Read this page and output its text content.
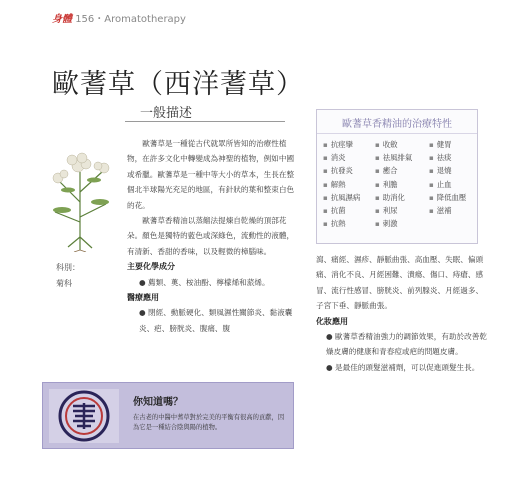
身體 156・Aromatotherapy
歐蓍草（西洋蓍草）
一般描述
科別：
菊科

歐蓍草是一種從古代就眾所皆知的治療性植物，在許多文化中轉變成為神聖的植物，例如中國或希臘。歐蓍草是一種中等大小的草本，生長在整個北半球陽光充足的地區，有針狀的葉和整束白色的花。

歐蓍草香精油以蒸餾法提煉自乾燥的頂部花朵。顏色是獨特的藍色或深綠色，流動性的液體，有清新、香甜的香味，以及輕微的樟腦味。

主要化學成分

● 薦類、薁、桉油酚、檸檬烯和蒎烯。

醫療應用

● 閉經、動脈硬化、類風濕性關節炎、黏液囊炎、疤、膀胱炎、腹痛、腹

歐蓍草香精油的治療特性
▪ 抗痙攣	▪ 收斂	▪ 健胃
▪ 消炎	▪ 祛風排氣	▪ 祛痰
▪ 抗發炎	▪ 癒合	▪ 退燒
▪ 解熱	▪ 利膽	▪ 止血
▪ 抗風濕病	▪ 助消化	▪ 降低血壓
▪ 抗菌	▪ 利尿	▪ 滋補
▪ 抗熱	▪ 刺激

瀉、痛經、濕疹、靜脈曲張、高血壓、失眠、偏頭痛、消化不良、月經困難、潰瘍、傷口、痔瘡、感冒、流行性感冒、膀胱炎、前列腺炎、月經過多、子宮下垂、靜脈曲張。

化妝應用

● 歐蓍草香精油強力的調節效果，有助於改善乾燥皮膚的健康和青春痘或疤的問題皮膚。

● 是最佳的頭髮滋補劑，可以促進頭髮生長。

你知道嗎？
在古老的中醫中蓍草對於完美的平衡有很高的貢獻，因為它是一種結合陰與陽的植物。
